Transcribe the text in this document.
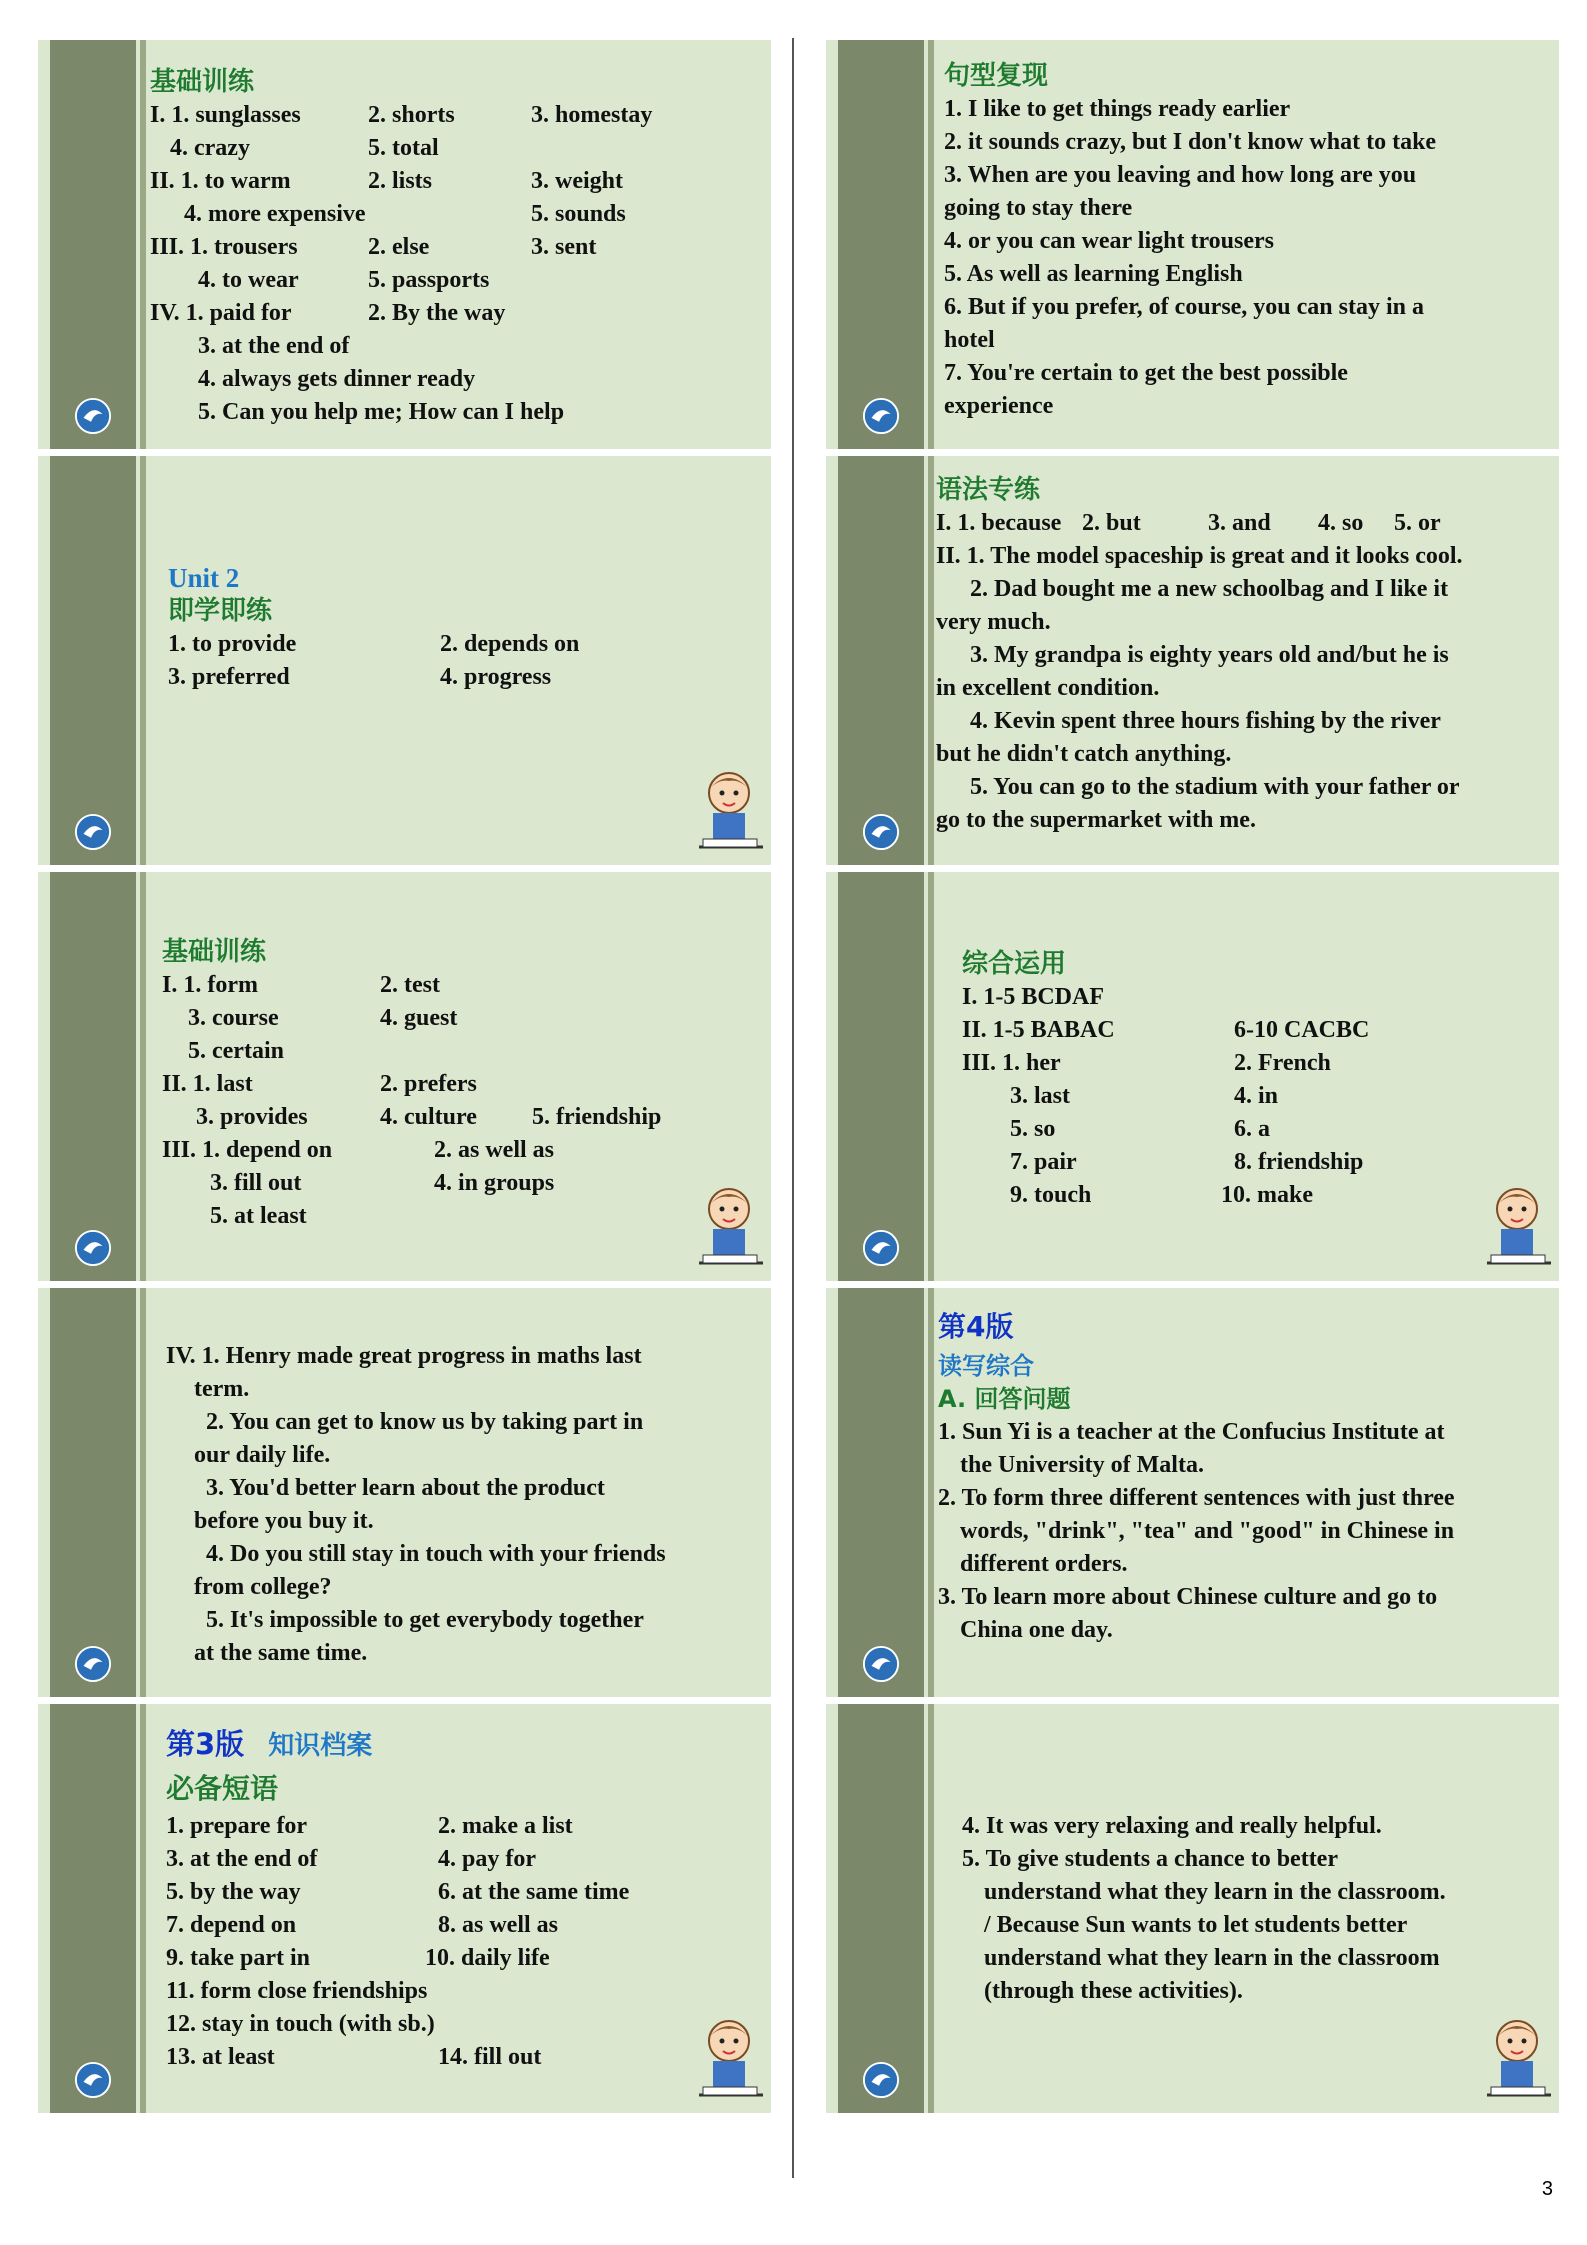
基础训练
I. 1. sunglasses	2. shorts	3. homestay
4. crazy	5. total
II. 1. to warm	2. lists	3. weight
4. more expensive	5. sounds
III. 1. trousers	2. else	3. sent
4. to wear	5. passports
IV. 1. paid for	2. By the way
3. at the end of
4. always gets dinner ready
5. Can you help me; How can I help
Unit 2
即学即练
1. to provide	2. depends on
3. preferred	4. progress
基础训练
I. 1. form	2. test
3. course	4. guest
5. certain
II. 1. last	2. prefers
3. provides	4. culture 5. friendship
III. 1. depend on	2. as well as
3. fill out	4. in groups
5. at least
IV. 1. Henry made great progress in maths last
term.
2. You can get to know us by taking part in
our daily life.
3. You'd better learn about the product
before you buy it.
4. Do you still stay in touch with your friends
from college?
5. It's impossible to get everybody together
at the same time.
第3版 知识档案
必备短语
1. prepare for	2. make a list
3. at the end of	4. pay for
5. by the way	6. at the same time
7. depend on	8. as well as
9. take part in	10. daily life
11. form close friendships
12. stay in touch (with sb.)
13. at least	14. fill out
句型复现
1. I like to get things ready earlier
2. it sounds crazy, but I don't know what to take
3. When are you leaving and how long are you
going to stay there
4. or you can wear light trousers
5. As well as learning English
6. But if you prefer, of course, you can stay in a
hotel
7. You're certain to get the best possible
experience
语法专练
I. 1. because 2. but	3. and 4. so 5. or
II. 1. The model spaceship is great and it looks cool.
2. Dad bought me a new schoolbag and I like it
very much.
3. My grandpa is eighty years old and/but he is
in excellent condition.
4. Kevin spent three hours fishing by the river
but he didn't catch anything.
5. You can go to the stadium with your father or
go to the supermarket with me.
综合运用
I. 1-5 BCDAF
II. 1-5 BABAC	6-10 CACBC
III. 1. her	2. French
3. last	4. in
5. so	6. a
7. pair	8. friendship
9. touch	10. make
第4版
读写综合
A. 回答问题
1. Sun Yi is a teacher at the Confucius Institute at
the University of Malta.
2. To form three different sentences with just three
words, "drink", "tea" and "good" in Chinese in
different orders.
3. To learn more about Chinese culture and go to
China one day.
4. It was very relaxing and really helpful.
5. To give students a chance to better
understand what they learn in the classroom.
/ Because Sun wants to let students better
understand what they learn in the classroom
(through these activities).
3
